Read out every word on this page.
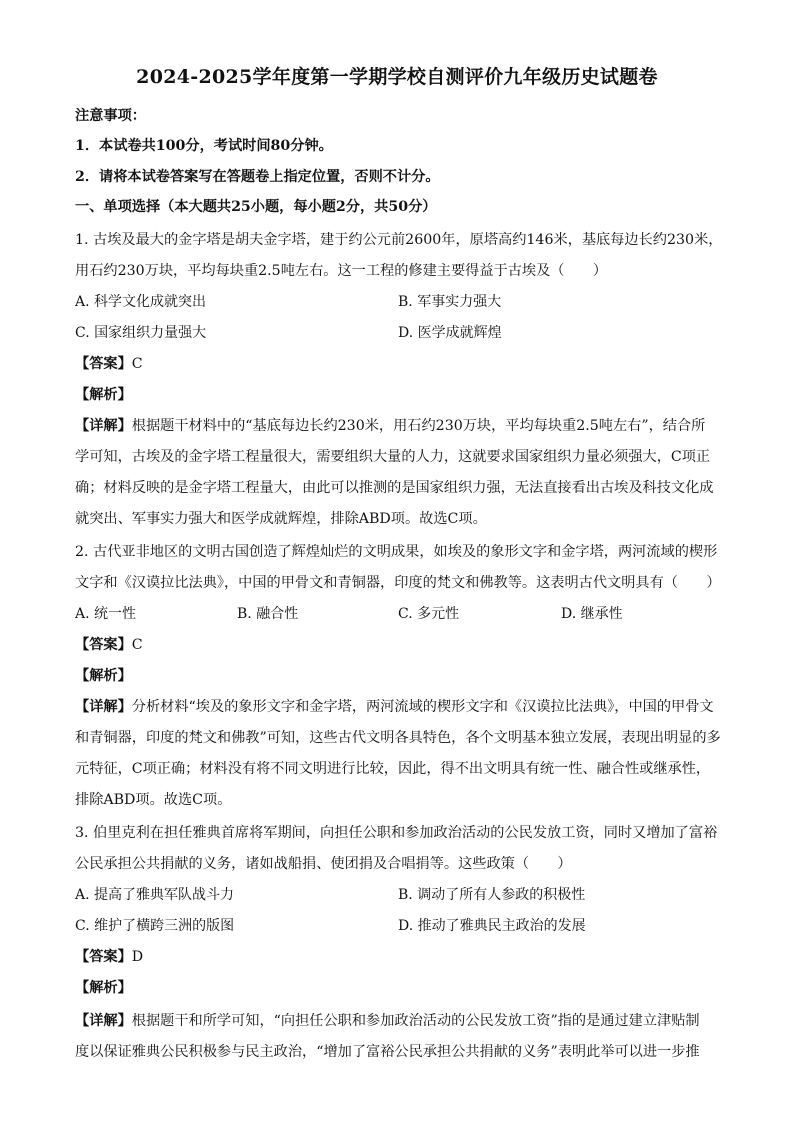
2024-2025学年度第一学期学校自测评价九年级历史试题卷
注意事项：
1．本试卷共100分，考试时间80分钟。
2．请将本试卷答案写在答题卷上指定位置，否则不计分。
一、单项选择（本大题共25小题，每小题2分，共50分）
1. 古埃及最大的金字塔是胡夫金字塔，建于约公元前2600年，原塔高约146米，基底每边长约230米，
用石约230万块，平均每块重2.5吨左右。这一工程的修建主要得益于古埃及（　　）
A. 科学文化成就突出	B. 军事实力强大
C. 国家组织力量强大	D. 医学成就辉煌
【答案】C
【解析】
【详解】根据题干材料中的“基底每边长约230米，用石约230万块，平均每块重2.5吨左右”，结合所
学可知，古埃及的金字塔工程量很大，需要组织大量的人力，这就要求国家组织力量必须强大，C项正
确；材料反映的是金字塔工程量大，由此可以推测的是国家组织力强，无法直接看出古埃及科技文化成
就突出、军事实力强大和医学成就辉煌，排除ABD项。故选C项。
2. 古代亚非地区的文明古国创造了辉煌灿烂的文明成果，如埃及的象形文字和金字塔，两河流域的楔形
文字和《汉谟拉比法典》，中国的甲骨文和青铜器，印度的梵文和佛教等。这表明古代文明具有（　　）
A. 统一性	B. 融合性	C. 多元性	D. 继承性
【答案】C
【解析】
【详解】分析材料“埃及的象形文字和金字塔，两河流域的楔形文字和《汉谟拉比法典》，中国的甲骨文
和青铜器，印度的梵文和佛教”可知，这些古代文明各具特色，各个文明基本独立发展，表现出明显的多
元特征，C项正确；材料没有将不同文明进行比较，因此，得不出文明具有统一性、融合性或继承性，
排除ABD项。故选C项。
3. 伯里克利在担任雅典首席将军期间，向担任公职和参加政治活动的公民发放工资，同时又增加了富裕
公民承担公共捐献的义务，诸如战船捐、使团捐及合唱捐等。这些政策（　　）
A. 提高了雅典军队战斗力	B. 调动了所有人参政的积极性
C. 维护了横跨三洲的版图	D. 推动了雅典民主政治的发展
【答案】D
【解析】
【详解】根据题干和所学可知，“向担任公职和参加政治活动的公民发放工资”指的是通过建立津贴制
度以保证雅典公民积极参与民主政治，“增加了富裕公民承担公共捐献的义务”表明此举可以进一步推
